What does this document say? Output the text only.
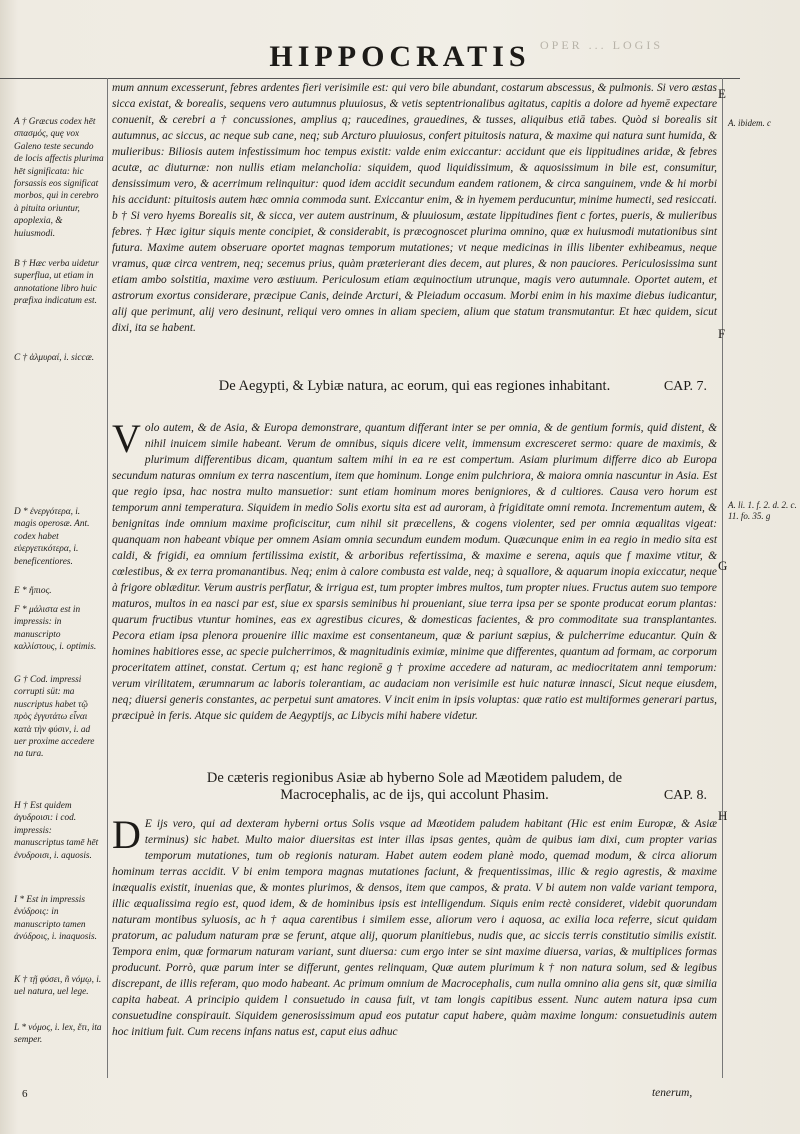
OPER ... LOGIS
HIPPOCRATIS
A † Græcus codex hēt σπασμός, quę vox Galeno teste secundo de locis affectis plurima hēt significata: hic forsassis eos significat morbos, qui in cerebro à pituita oriuntur, apoplexia, & huiusmodi.
B † Hæc verba uidetur superflua, ut etiam in annotatione libro huic præfixa indicatum est.
C † ἀλμυραί, i. siccæ.
D * ἐνεργότερα, i. magis operosæ. Ant. codex habet εὐεργετικότερα, i. beneficentiores.
E * ἤπιος.
F * μάλιστα est in impressis: in manuscripto καλλίστους, i. optimis.
G † Cod. impressi corrupti süt: ma nuscriptus habet τῷ πρὸς ἐγγυτάτω εἶναι κατὰ τὴν φύσιν, i. ad uer proxime accedere na tura.
H † Est quidem ἀγυδροισι: i cod. impressis: manuscriptus tamē hēt ἐνυδροισι, i. aquosis.
I * Est in impressis ἐνύδροις: in manuscripto tamen ἀνύδροις, i. inaquosis.
K † τῇ φύσει, ñ νόμῳ, i. uel natura, uel lege.
L * νόμος, i. lex, ἔτι, ita semper.
A. ibidem. c
A. li. 1. f. 2. d. 2. c. 11. fo. 35. g
E
F
G
H

mum annum excesserunt, febres ardentes fieri verisimile est: qui vero bile abundant, costarum abscessus, & pulmonis. Si vero æstas sicca existat, & borealis, sequens vero autumnus pluuiosus, & vetis septentrionalibus agitatus, capitis a dolore ad hyemē expectare conuenit, & cerebri a † concussiones, amplius q; raucedines, grauedines, & tusses, aliquibus etiā tabes. Quòd si borealis sit autumnus, ac siccus, ac neque sub cane, neq; sub Arcturo pluuiosus, confert pituitosis natura, & maxime qui natura sunt humida, & mulieribus: Biliosis autem infestissimum hoc tempus existit: valde enim exiccantur: accidunt que eis lippitudines aridæ, & febres acutæ, ac diuturnæ: non nullis etiam melancholia: siquidem, quod liquidissimum, & aquosissimum in bile est, consumitur, densissimum vero, & acerrimum relinquitur: quod idem accidit secundum eandem rationem, & circa sanguinem, vnde & hi morbi his accidunt: pituitosis autem hæc omnia commoda sunt. Exiccantur enim, & in hyemem perducuntur, minime humecti, sed resiccati. b † Si vero hyems Borealis sit, & sicca, ver autem austrinum, & pluuiosum, æstate lippitudines fient c fortes, pueris, & mulieribus febres. † Hæc igitur siquis mente concipiet, & considerabit, is præcognoscet plurima omnino, quæ ex huiusmodi mutationibus sint futura. Maxime autem obseruare oportet magnas temporum mutationes; vt neque medicinas in illis libenter exhibeamus, neque vramus, quæ circa ventrem, neq; secemus prius, quàm præterierant dies decem, aut plures, & non pauciores. Periculosissima sunt etiam ambo solstitia, maxime vero æstiuum. Periculosum etiam æquinoctium utrunque, magis vero autumnale. Oportet autem, et astrorum exortus considerare, præcipue Canis, deinde Arcturi, & Pleiadum occasum. Morbi enim in his maxime diebus iudicantur, alij que perimunt, alij vero desinunt, reliqui vero omnes in aliam speciem, alium que statum transmutantur. Et hæc quidem, sicut dixi, ita se habent.

De Aegypti, & Lybiæ natura, ac eorum, qui eas regiones inhabitant.	CAP. 7.
V olo autem, & de Asia, & Europa demonstrare, quantum differant inter se per omnia, & de gentium formis, quid distent, & nihil inuicem simile habeant. Verum de omnibus, siquis dicere velit, immensum excresceret sermo: quare de maximis, & plurimum differentibus dicam, quantum saltem mihi in ea re est compertum. Asiam plurimum differre dico ab Europa secundum naturas omnium ex terra nascentium, item que hominum. Longe enim pulchriora, & maiora omnia nascuntur in Asia. Est que regio ipsa, hac nostra multo mansuetior: sunt etiam hominum mores benigniores, & d cultiores. Causa vero horum est temporum anni temperatura. Siquidem in medio Solis exortu sita est ad auroram, à frigiditate omni remota. Incrementum autem, & benignitas inde omnium maxime proficiscitur, cum nihil sit præcellens, & cogens violenter, sed per omnia æqualitas vigeat: quanquam non habeant vbique per omnem Asiam omnia secundum eundem modum. Quæcunque enim in ea regio in medio sita est caldi, & frigidi, ea omnium fertilissima existit, & arboribus refertissima, & maxime e serena, aquis que f maxime vtitur, & cœlestibus, & ex terra promanantibus. Neq; enim à calore combusta est valde, neq; à squallore, & aquarum inopia exiccatur, neque à frigore oblæditur. Verum austris perflatur, & irrigua est, tum propter imbres multos, tum propter niues. Fructus autem suo tempore maturos, multos in ea nasci par est, siue ex sparsis seminibus hi proueniant, siue terra ipsa per se sponte producat eorum plantas: quarum fructibus vtuntur homines, eas ex agrestibus cicures, & domesticas facientes, & pro commoditate sua transplantantes. Pecora etiam ipsa plenora prouenire illic maxime est consentaneum, quæ & pariunt sæpius, & pulcherrime educantur. Quin & homines habitiores esse, ac specie pulcherrimos, & magnitudinis eximiæ, minime que differentes, quantum ad formam, ac corporum proceritatem attinet, constat. Certum q; est hanc regionē g † proxime accedere ad naturam, ac mediocritatem anni temporum: verum virilitatem, ærumnarum ac laboris tolerantiam, ac audaciam non verisimile est huic naturæ innasci, Sicut neque eiusdem, neq; diuersi generis constantes, ac perpetui sunt amatores. V incit enim in ipsis voluptas: quæ ratio est multiformes generari partus, præcipuè in feris. Atque sic quidem de Aegyptijs, ac Libycis mihi habere videtur.

De cæteris regionibus Asiæ ab hyberno Sole ad Mæotidem paludem, de Macrocephalis, ac de ijs, qui accolunt Phasim.	CAP. 8.
D E ijs vero, qui ad dexteram hyberni ortus Solis vsque ad Mæotidem paludem habitant (Hic est enim Europæ, & Asiæ terminus) sic habet. Multo maior diuersitas est inter illas ipsas gentes, quàm de quibus iam dixi, cum propter varias temporum mutationes, tum ob regionis naturam. Habet autem eodem planè modo, quemad modum, & circa aliorum hominum terras accidit. V bi enim tempora magnas mutationes faciunt, & frequentissimas, illic & regio agrestis, & maxime inæqualis existit, inuenias que, & montes plurimos, & densos, item que campos, & prata. V bi autem non valde variant tempora, illic æqualissima regio est, quod idem, & de hominibus ipsis est intelligendum. Siquis enim rectè consideret, videbit quorundam naturam montibus syluosis, ac h † aqua carentibus i similem esse, aliorum vero i aquosa, ac exilia loca referre, sicut quidam pratorum, ac paludum naturam præ se ferunt, atque alij, quorum planitiebus, nudis que, ac siccis terris constitutio similis existit. Tempora enim, quæ formarum naturam variant, sunt diuersa: cum ergo inter se sint maxime diuersa, varias, & multiplices formas producunt. Porrò, quæ parum inter se differunt, gentes relinquam, Quæ autem plurimum k † non natura solum, sed & legibus discrepant, de illis referam, quo modo habeant. Ac primum omnium de Macrocephalis, cum nulla omnino alia gens sit, quæ similia capita habeat. A principio quidem l consuetudo in causa fuit, vt tam longis capitibus essent. Nunc autem natura ipsa cum consuetudine conspirauit. Siquidem generosissimum apud eos putatur caput habere, quàm maxime longum: consuetudinis autem hoc initium fuit. Cum recens infans natus est, caput eius adhuc

tenerum,
6
